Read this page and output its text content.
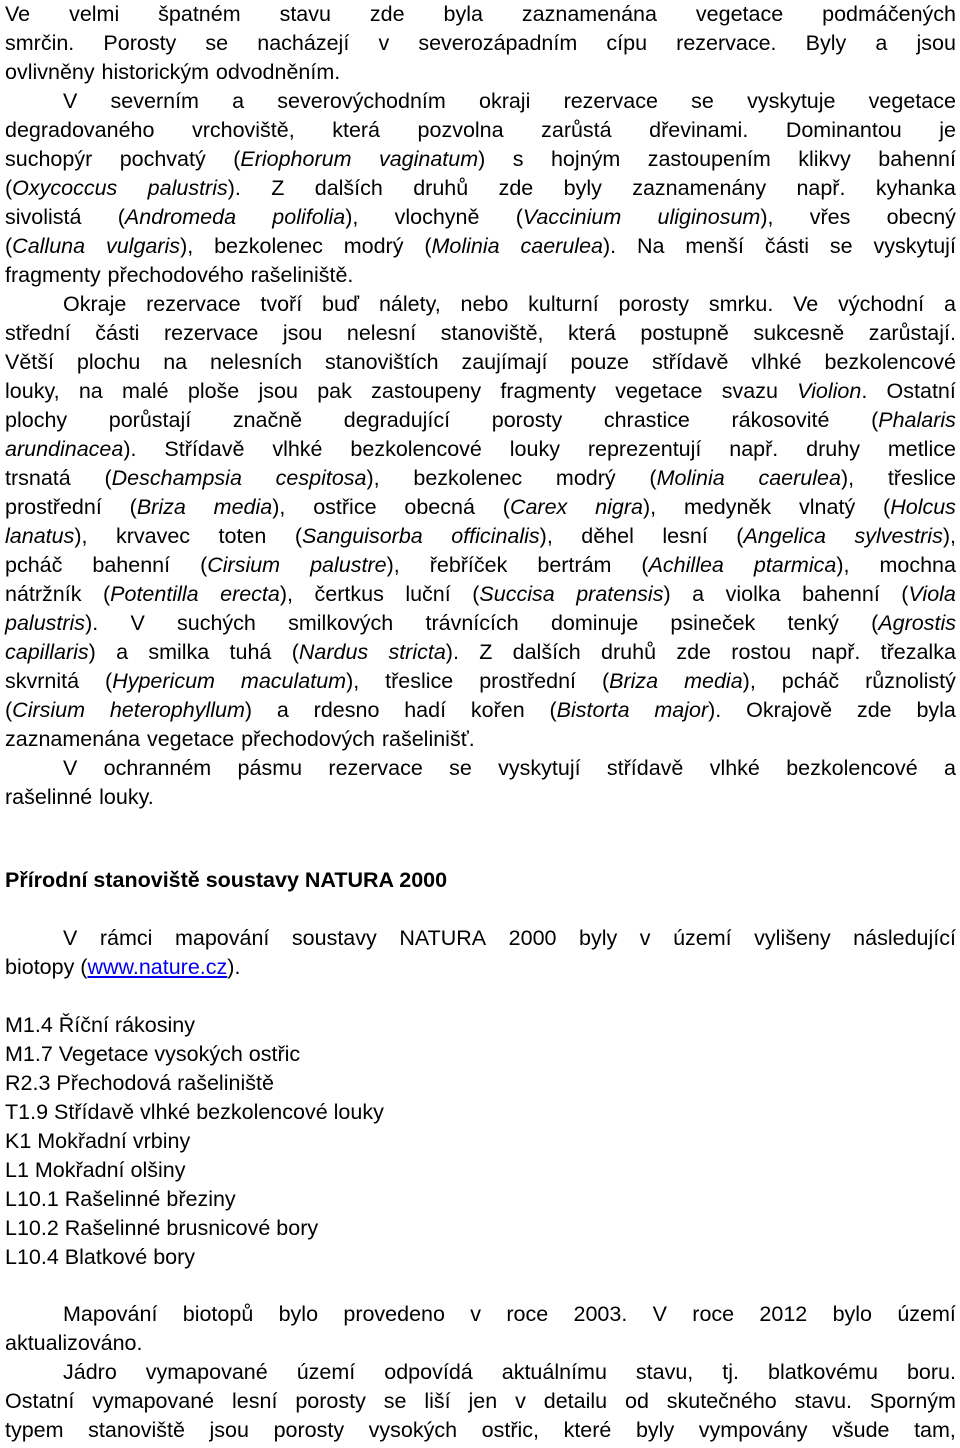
Ve velmi špatném stavu zde byla zaznamenána vegetace podmáčených
smrčin. Porosty se nacházejí v severozápadním cípu rezervace. Byly a jsou
ovlivněny historickým odvodněním.
V severním a severovýchodním okraji rezervace se vyskytuje vegetace
degradovaného vrchoviště, která pozvolna zarůstá dřevinami. Dominantou je
suchopýr pochvatý (Eriophorum vaginatum) s hojným zastoupením klikvy bahenní
(Oxycoccus palustris). Z dalších druhů zde byly zaznamenány např. kyhanka
sivolistá (Andromeda polifolia), vlochyně (Vaccinium uliginosum), vřes obecný
(Calluna vulgaris), bezkolenec modrý (Molinia caerulea). Na menší části se vyskytují
fragmenty přechodového rašeliniště.
Okraje rezervace tvoří buď nálety, nebo kulturní porosty smrku. Ve východní a
střední části rezervace jsou nelesní stanoviště, která postupně sukcesně zarůstají.
Větší plochu na nelesních stanovištích zaujímají pouze střídavě vlhké bezkolencové
louky, na malé ploše jsou pak zastoupeny fragmenty vegetace svazu Violion. Ostatní
plochy porůstají značně degradující porosty chrastice rákosovité (Phalaris
arundinacea). Střídavě vlhké bezkolencové louky reprezentují např. druhy metlice
trsnatá (Deschampsia cespitosa), bezkolenec modrý (Molinia caerulea), třeslice
prostřední (Briza media), ostřice obecná (Carex nigra), medyněk vlnatý (Holcus
lanatus), krvavec toten (Sanguisorba officinalis), děhel lesní (Angelica sylvestris),
pcháč bahenní (Cirsium palustre), řebříček bertrám (Achillea ptarmica), mochna
nátržník (Potentilla erecta), čertkus luční (Succisa pratensis) a violka bahenní (Viola
palustris). V suchých smilkových trávnících dominuje psineček tenký (Agrostis
capillaris) a smilka tuhá (Nardus stricta). Z dalších druhů zde rostou např. třezalka
skvrnitá (Hypericum maculatum), třeslice prostřední (Briza media), pcháč různolistý
(Cirsium heterophyllum) a rdesno hadí kořen (Bistorta major). Okrajově zde byla
zaznamenána vegetace přechodových rašelinišť.
V ochranném pásmu rezervace se vyskytují střídavě vlhké bezkolencové a
rašelinné louky.
Přírodní stanoviště soustavy NATURA 2000
V rámci mapování soustavy NATURA 2000 byly v území vylišeny následující
biotopy (www.nature.cz).
M1.4 Říční rákosiny
M1.7 Vegetace vysokých ostřic
R2.3 Přechodová rašeliniště
T1.9 Střídavě vlhké bezkolencové louky
K1 Mokřadní vrbiny
L1 Mokřadní olšiny
L10.1 Rašelinné březiny
L10.2 Rašelinné brusnicové bory
L10.4 Blatkové bory
Mapování biotopů bylo provedeno v roce 2003. V roce 2012 bylo území
aktualizováno.
Jádro vymapované území odpovídá aktuálnímu stavu, tj. blatkovému boru.
Ostatní vymapované lesní porosty se liší jen v detailu od skutečného stavu. Sporným
typem stanoviště jsou porosty vysokých ostřic, které byly vympovány všude tam,
